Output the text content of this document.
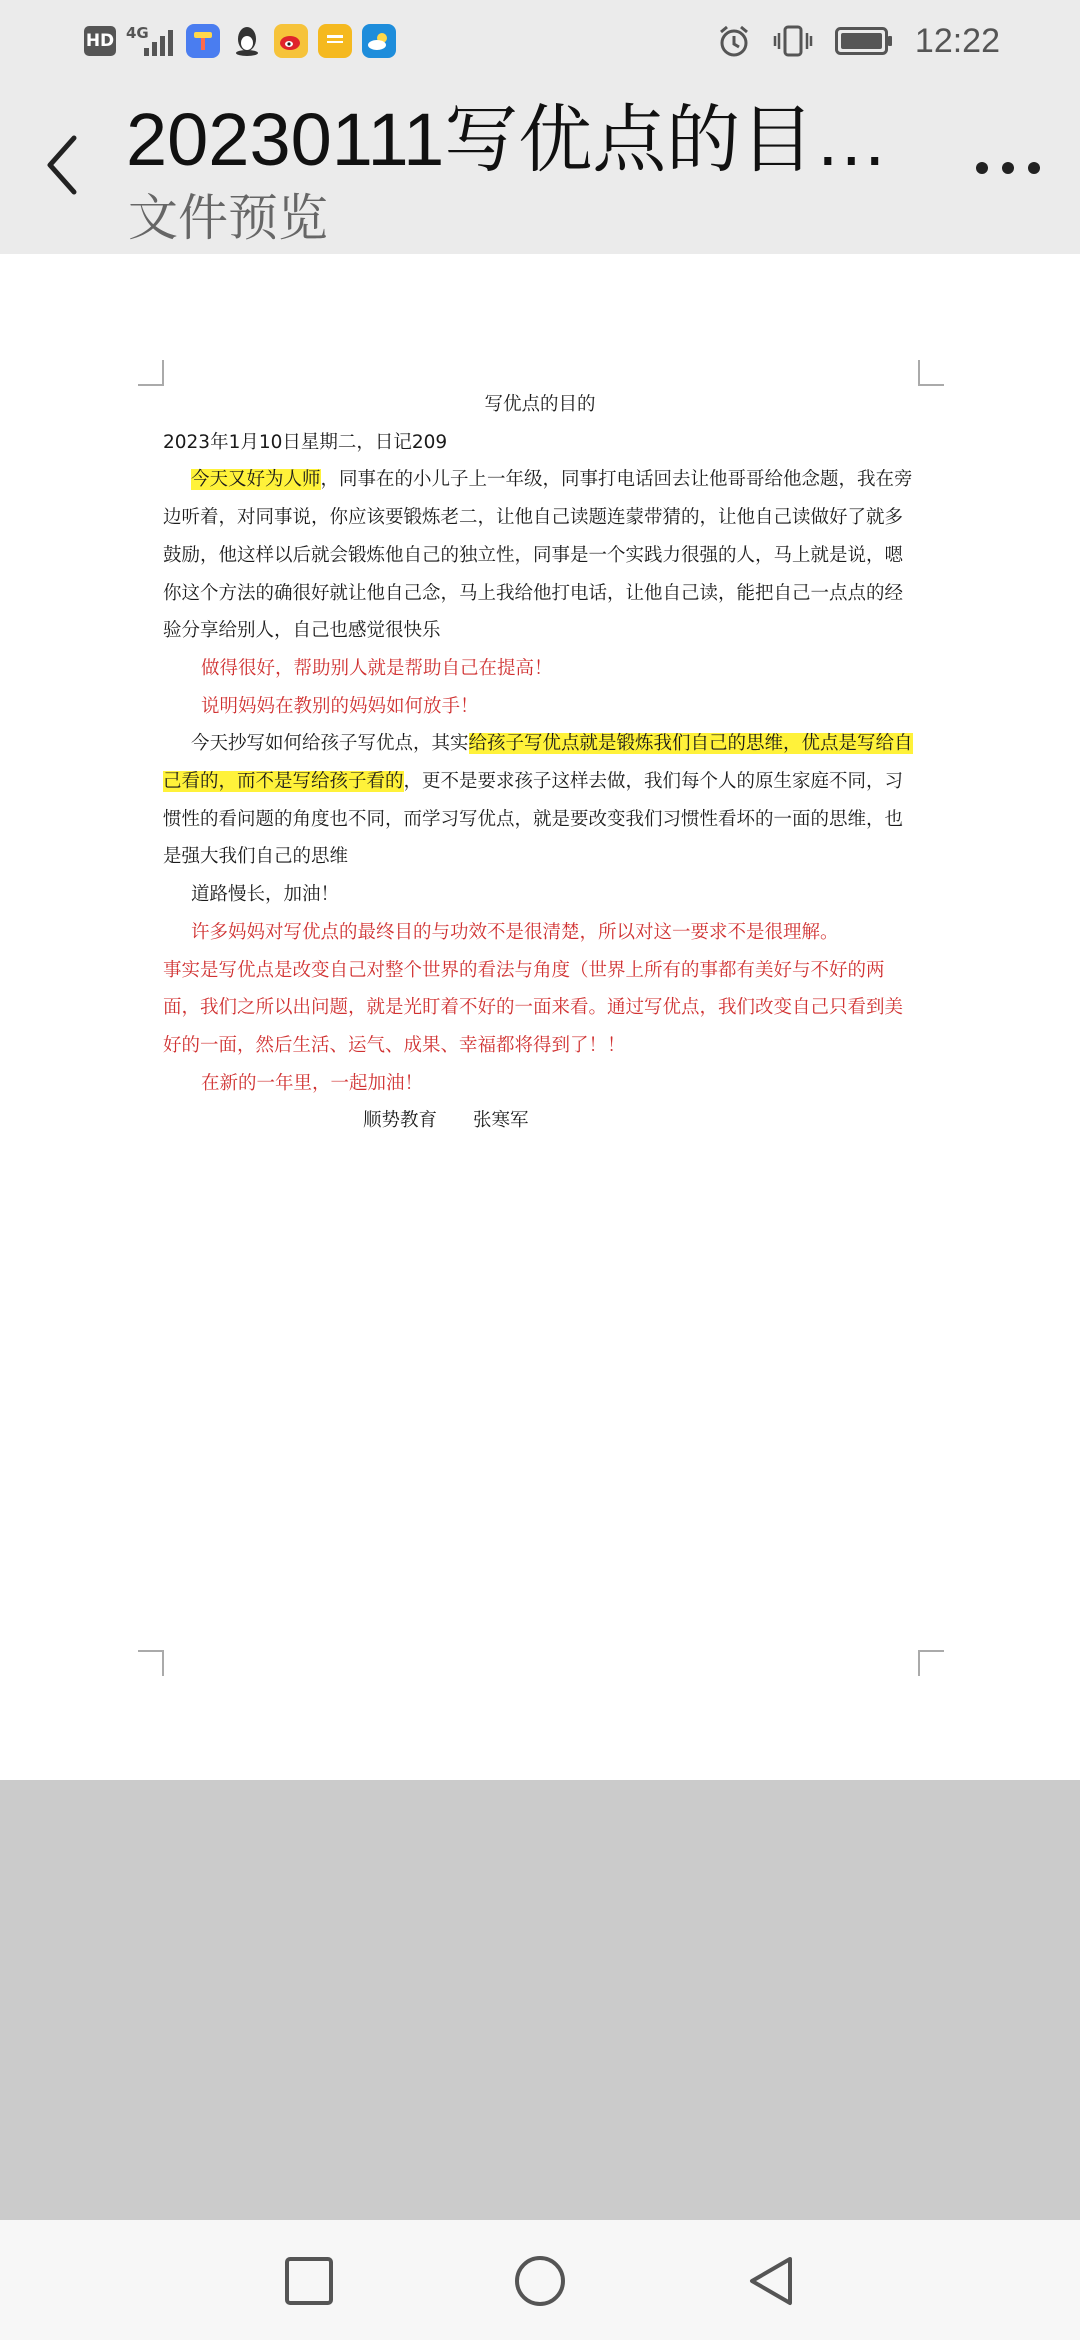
HD 4G	12:22
20230111写优点的目…
文件预览

写优点的目的

2023年1月10日星期二，日记209

今天又好为人师，同事在的小儿子上一年级，同事打电话回去让他哥哥给他念题，我在旁边听着，对同事说，你应该要锻炼老二，让他自己读题连蒙带猜的，让他自己读做好了就多鼓励，他这样以后就会锻炼他自己的独立性，同事是一个实践力很强的人，马上就是说，嗯你这个方法的确很好就让他自己念，马上我给他打电话，让他自己读，能把自己一点点的经验分享给别人，自己也感觉很快乐

做得很好，帮助别人就是帮助自己在提高！

说明妈妈在教别的妈妈如何放手！

今天抄写如何给孩子写优点，其实给孩子写优点就是锻炼我们自己的思维，优点是写给自己看的，而不是写给孩子看的，更不是要求孩子这样去做，我们每个人的原生家庭不同，习惯性的看问题的角度也不同，而学习写优点，就是要改变我们习惯性看坏的一面的思维，也是强大我们自己的思维

道路慢长，加油！

许多妈妈对写优点的最终目的与功效不是很清楚，所以对这一要求不是很理解。

事实是写优点是改变自己对整个世界的看法与角度（世界上所有的事都有美好与不好的两面，我们之所以出问题，就是光盯着不好的一面来看。通过写优点，我们改变自己只看到美好的一面，然后生活、运气、成果、幸福都将得到了！！

在新的一年里，一起加油！

顺势教育 张寒军
